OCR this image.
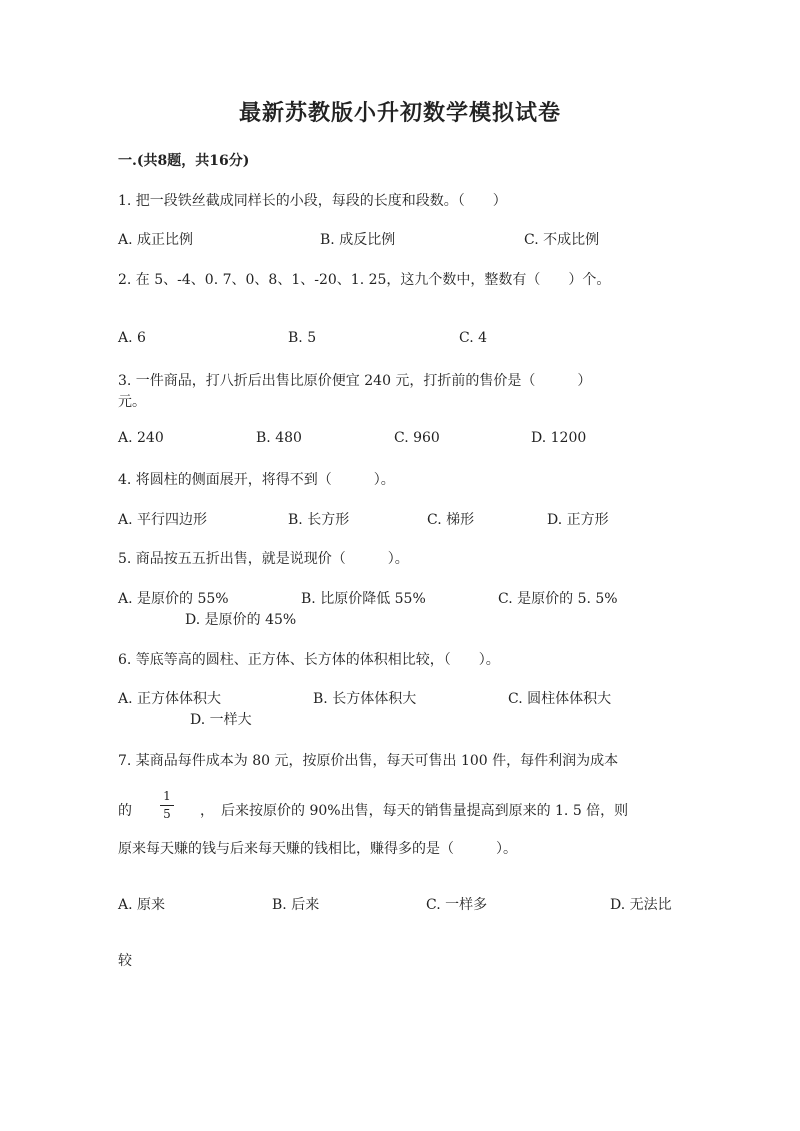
最新苏教版小升初数学模拟试卷
一.(共8题，共16分)
1. 把一段铁丝截成同样长的小段，每段的长度和段数。（　　）
A. 成正比例	B. 成反比例	C. 不成比例
2. 在 5、-4、0. 7、0、8、1、-20、1. 25，这九个数中，整数有（　　）个。
A. 6	B. 5	C. 4
3. 一件商品，打八折后出售比原价便宜 240 元，打折前的售价是（　　　）
元。
A. 240	B. 480	C. 960	D. 1200
4. 将圆柱的侧面展开，将得不到（　　　）。
A. 平行四边形	B. 长方形	C. 梯形	D. 正方形
5. 商品按五五折出售，就是说现价（　　　）。
A. 是原价的 55%	B. 比原价降低 55%	C. 是原价的 5. 5%
D. 是原价的 45%
6. 等底等高的圆柱、正方体、长方体的体积相比较，（　　）。
A. 正方体体积大	B. 长方体体积大	C. 圆柱体体积大
D. 一样大
7. 某商品每件成本为 80 元，按原价出售，每天可售出 100 件，每件利润为成本
的
1
5 ，　后来按原价的 90%出售，每天的销售量提高到原来的 1. 5 倍，则
原来每天赚的钱与后来每天赚的钱相比，赚得多的是（　　　）。
A. 原来	B. 后来	C. 一样多	D. 无法比
较
